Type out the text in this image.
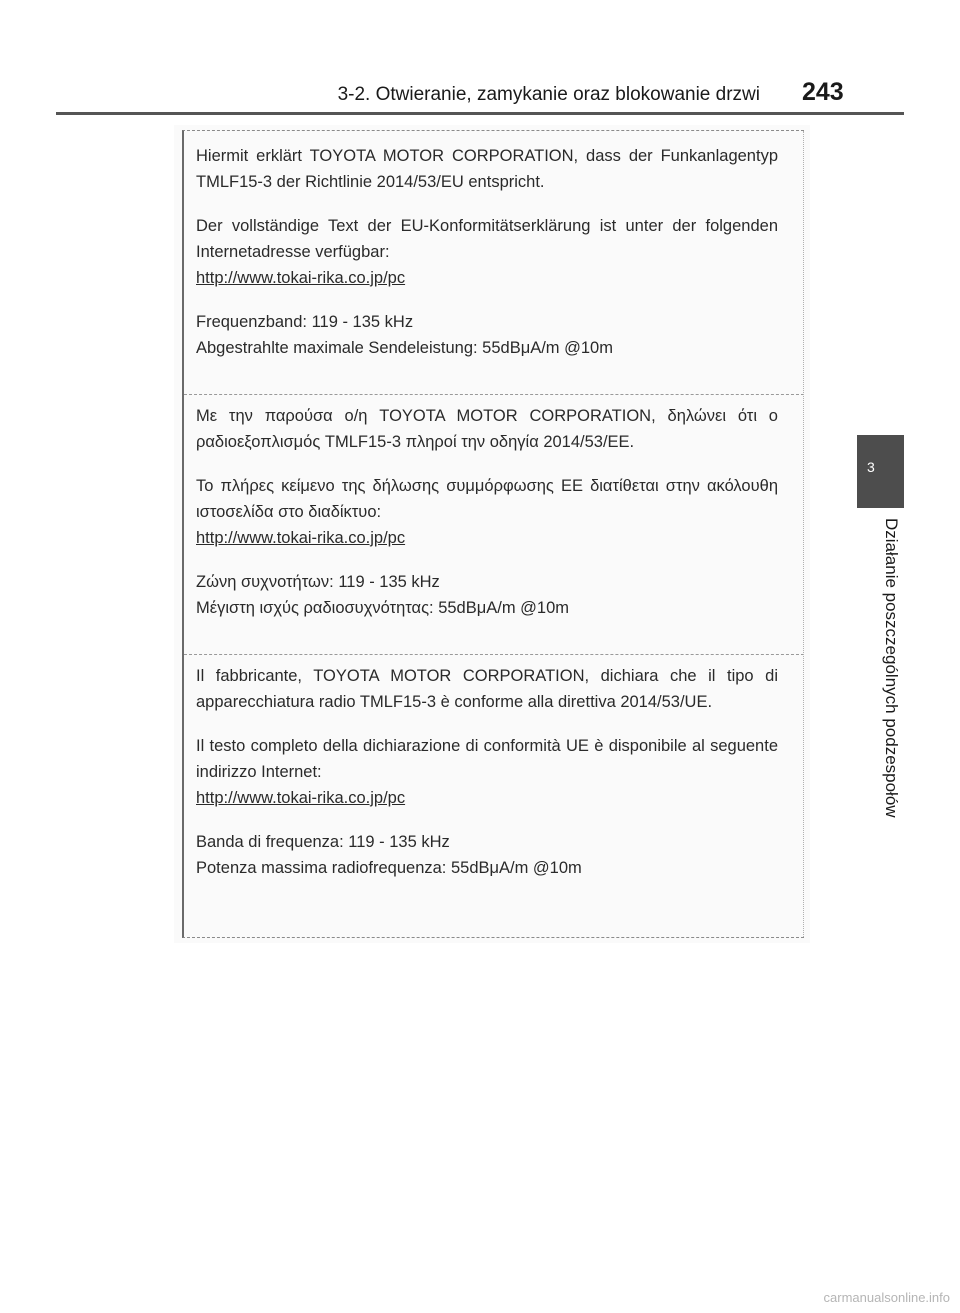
3-2. Otwieranie, zamykanie oraz blokowanie drzwi 243
3
Działanie poszczególnych podzespołów

Hiermit erklärt TOYOTA MOTOR CORPORATION, dass der Funkanlagentyp TMLF15-3 der Richtlinie 2014/53/EU entspricht.

Der vollständige Text der EU-Konformitätserklärung ist unter der folgenden Internetadresse verfügbar:
http://www.tokai-rika.co.jp/pc

Frequenzband: 119 - 135 kHz
Abgestrahlte maximale Sendeleistung: 55dBμA/m @10m

Με την παρούσα ο/η TOYOTA MOTOR CORPORATION, δηλώνει ότι ο ραδιοεξοπλισμός TMLF15-3 πληροί την οδηγία 2014/53/ΕΕ.

Το πλήρες κείμενο της δήλωσης συμμόρφωσης ΕΕ διατίθεται στην ακόλουθη ιστοσελίδα στο διαδίκτυο:
http://www.tokai-rika.co.jp/pc

Ζώνη συχνοτήτων: 119 - 135 kHz
Μέγιστη ισχύς ραδιοσυχνότητας: 55dBμA/m @10m

Il fabbricante, TOYOTA MOTOR CORPORATION, dichiara che il tipo di apparecchiatura radio TMLF15-3 è conforme alla direttiva 2014/53/UE.

Il testo completo della dichiarazione di conformità UE è disponibile al seguente indirizzo Internet:
http://www.tokai-rika.co.jp/pc

Banda di frequenza: 119 - 135 kHz
Potenza massima radiofrequenza: 55dBμA/m @10m

carmanualsonline.info
